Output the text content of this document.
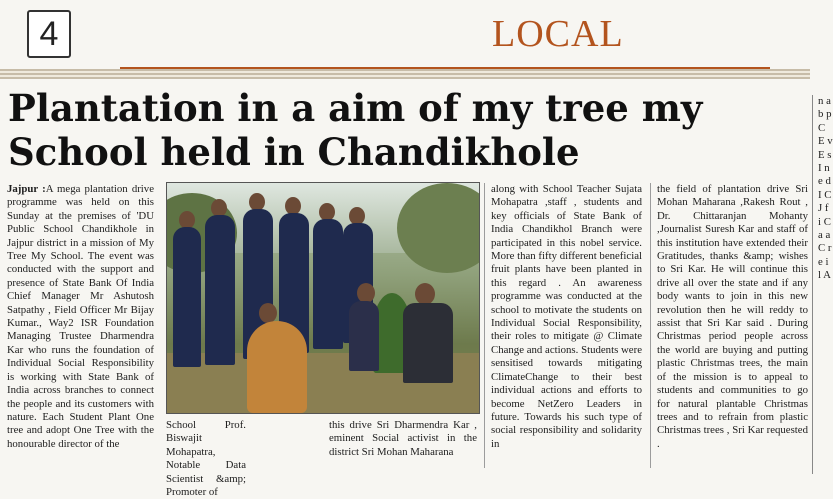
4	LOCAL
Plantation in a aim of my tree my School held in Chandikhole
Jajpur :A mega plantation drive programme was held on this Sunday at the premises of 'DU Public School Chandikhole in Jajpur district in a mission of My Tree My School. The event was conducted with the support and presence of State Bank Of India Chief Manager Mr Ashutosh Satpathy , Field Officer Mr Bijay Kumar., Way2 ISR Foundation Managing Trustee Dharmendra Kar who runs the foundation of Individual Social Responsibility is working with State Bank of India across branches to connect the people and its customers with nature. Each Student Plant One tree and adopt One Tree with the honourable director of the
School Prof. Biswajit Mohapatra, Notable Data Scientist &amp; Promoter of
this drive Sri Dharmendra Kar , eminent Social activist in the district Sri Mohan Maharana
along with School Teacher Sujata Mohapatra ,staff , students and key officials of State Bank of India Chandikhol Branch were participated in this nobel service. More than fifty different beneficial fruit plants have been planted in this regard . An awareness programme was conducted at the school to motivate the students on Individual Social Responsibility, their roles to mitigate @ Climate Change and actions. Students were sensitised towards mitigating ClimateChange to their best individual actions and efforts to become NetZero Leaders in future. Towards his such type of social responsibility and solidarity in
the field of plantation drive Sri Mohan Maharana ,Rakesh Rout , Dr. Chittaranjan Mohanty ,Journalist Suresh Kar and staff of this institution have extended their Gratitudes, thanks &amp; wishes to Sri Kar. He will continue this drive all over the state and if any body wants to join in this new revolution then he will reddy to assist that Sri Kar said . During Christmas period people across the world are buying and putting plastic Christmas trees, the main of the mission is to appeal to students and communities to go for natural plantable Christmas trees and to refrain from plastic Christmas trees , Sri Kar requested .
n a b p C E v E s I n e d I C J f i C a a C r e i l A
